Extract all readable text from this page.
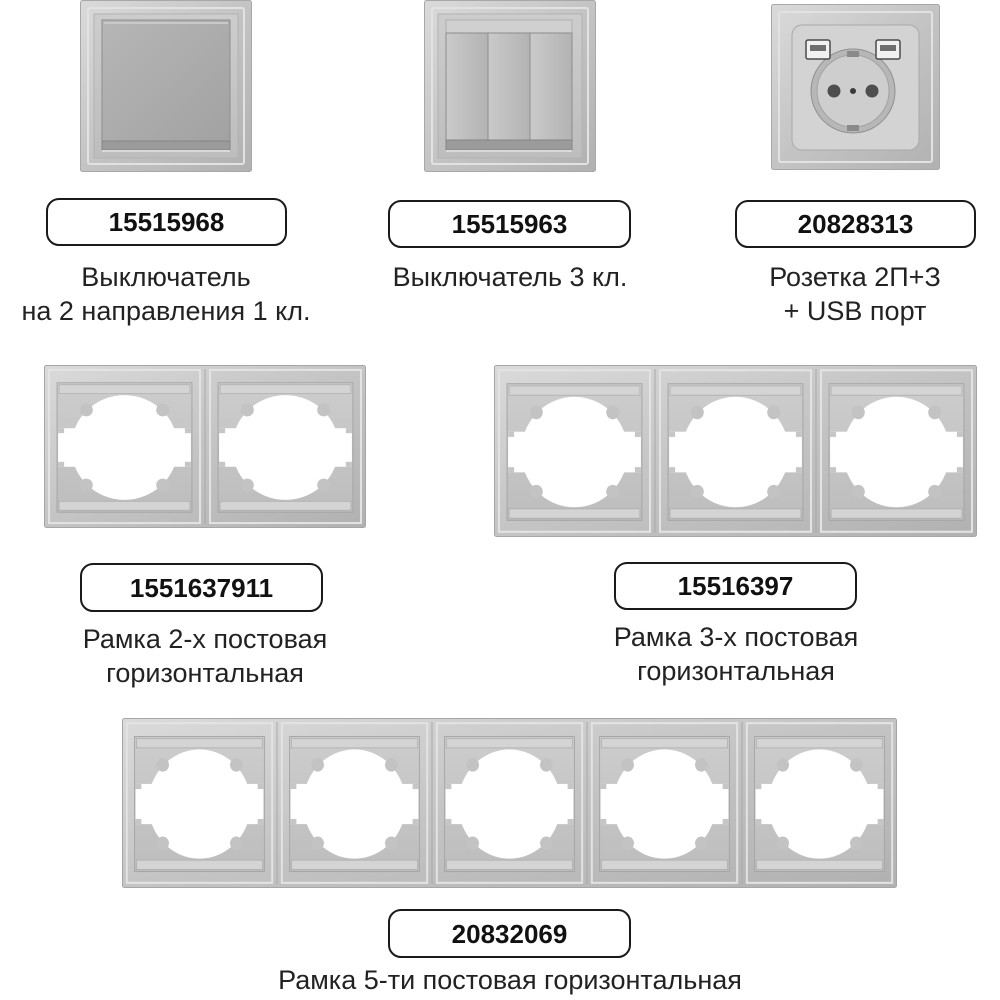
15515968
Выключатель
на 2 направления 1 кл.
15515963
Выключатель 3 кл.
20828313
Розетка 2П+З
+ USB порт
1551637911
Рамка 2-х постовая
горизонтальная
15516397
Рамка 3-х постовая
горизонтальная
20832069
Рамка 5-ти постовая горизонтальная
